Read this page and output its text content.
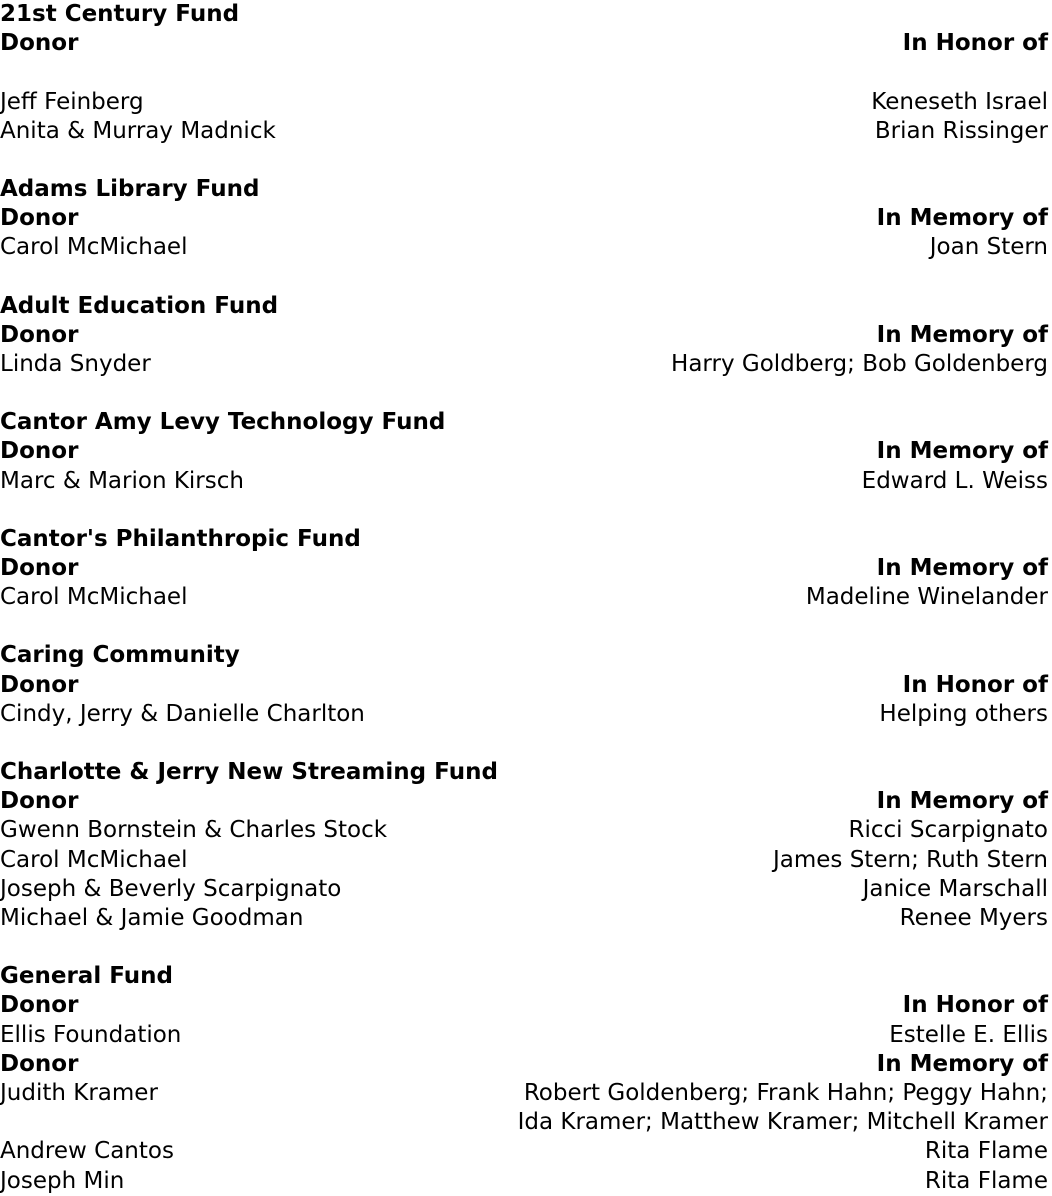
21st Century Fund
Donor	In Honor of
Jeff Feinberg	Keneseth Israel
Anita & Murray Madnick	Brian Rissinger
Adams Library Fund
Donor	In Memory of
Carol McMichael	Joan Stern
Adult Education Fund
Donor	In Memory of
Linda Snyder	Harry Goldberg; Bob Goldenberg
Cantor Amy Levy Technology Fund
Donor	In Memory of
Marc & Marion Kirsch	Edward L. Weiss
Cantor's Philanthropic Fund
Donor	In Memory of
Carol McMichael	Madeline Winelander
Caring Community
Donor	In Honor of
Cindy, Jerry & Danielle Charlton	Helping others
Charlotte & Jerry New Streaming Fund
Donor	In Memory of
Gwenn Bornstein & Charles Stock	Ricci Scarpignato
Carol McMichael	James Stern; Ruth Stern
Joseph & Beverly Scarpignato	Janice Marschall
Michael & Jamie Goodman	Renee Myers
General Fund
Donor	In Honor of
Ellis Foundation	Estelle E. Ellis
Donor	In Memory of
Judith Kramer	Robert Goldenberg; Frank Hahn; Peggy Hahn;
Ida Kramer; Matthew Kramer; Mitchell Kramer
Andrew Cantos	Rita Flame
Joseph Min	Rita Flame
